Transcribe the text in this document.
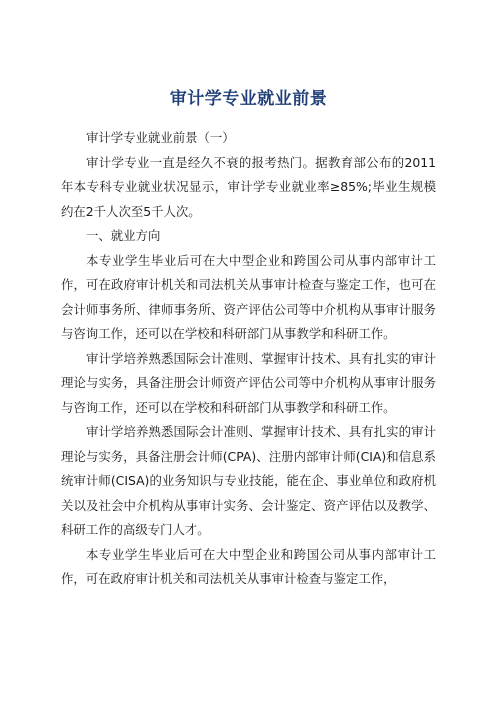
审计学专业就业前景

审计学专业就业前景（一）

审计学专业一直是经久不衰的报考热门。据教育部公布的2011年本专科专业就业状况显示，审计学专业就业率≥85%;毕业生规模约在2千人次至5千人次。

一、就业方向

本专业学生毕业后可在大中型企业和跨国公司从事内部审计工作，可在政府审计机关和司法机关从事审计检查与鉴定工作，也可在会计师事务所、律师事务所、资产评估公司等中介机构从事审计服务与咨询工作，还可以在学校和科研部门从事教学和科研工作。

审计学培养熟悉国际会计准则、掌握审计技术、具有扎实的审计理论与实务，具备注册会计师资产评估公司等中介机构从事审计服务与咨询工作，还可以在学校和科研部门从事教学和科研工作。

审计学培养熟悉国际会计准则、掌握审计技术、具有扎实的审计理论与实务，具备注册会计师(CPA)、注册内部审计师(CIA)和信息系统审计师(CISA)的业务知识与专业技能，能在企、事业单位和政府机关以及社会中介机构从事审计实务、会计鉴定、资产评估以及教学、科研工作的高级专门人才。

本专业学生毕业后可在大中型企业和跨国公司从事内部审计工作，可在政府审计机关和司法机关从事审计检查与鉴定工作，
